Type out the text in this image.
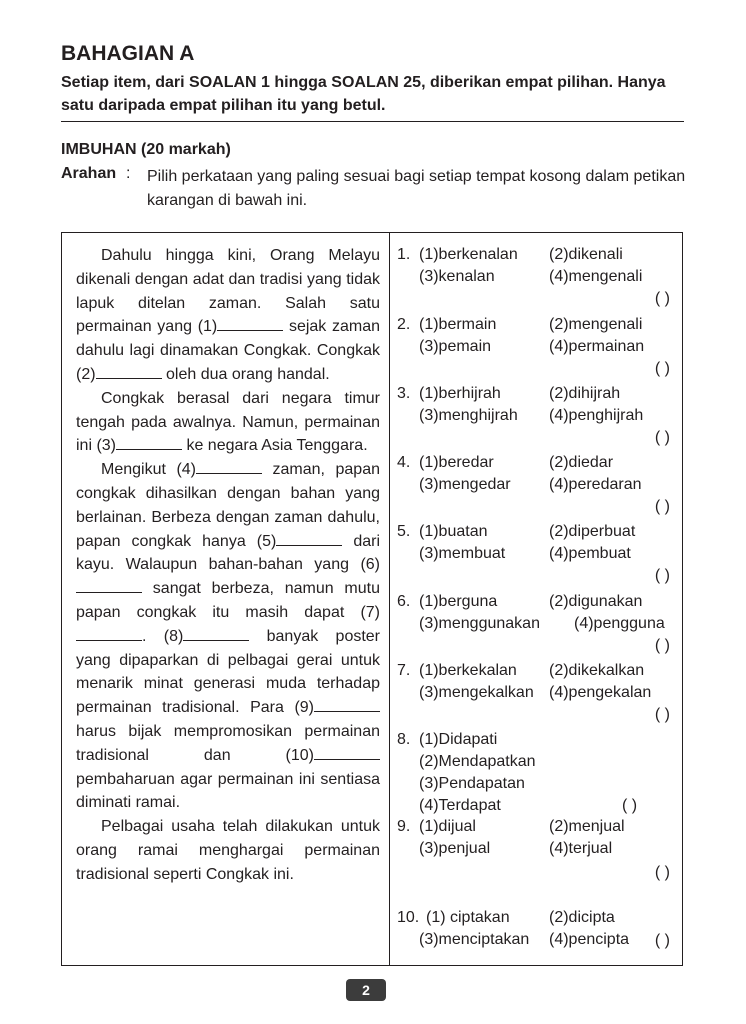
BAHAGIAN A
Setiap item, dari SOALAN 1 hingga SOALAN 25, diberikan empat pilihan. Hanya satu daripada empat pilihan itu yang betul.
IMBUHAN (20 markah)
Arahan : Pilih perkataan yang paling sesuai bagi setiap tempat kosong dalam petikan karangan di bawah ini.

Dahulu hingga kini, Orang Melayu dikenali dengan adat dan tradisi yang tidak lapuk ditelan zaman. Salah satu permainan yang (1)	sejak zaman dahulu lagi dinamakan Congkak. Congkak (2)	oleh dua orang handal.

Congkak berasal dari negara timur tengah pada awalnya. Namun, permainan ini (3)	ke negara Asia Tenggara.

Mengikut (4)	zaman, papan congkak dihasilkan dengan bahan yang berlainan. Berbeza dengan zaman dahulu, papan congkak hanya (5)	dari kayu. Walaupun bahan-bahan yang (6) sangat berbeza, namun mutu papan congkak itu masih dapat (7). (8)	banyak poster yang dipaparkan di pelbagai gerai untuk menarik minat generasi muda terhadap permainan tradisional. Para (9) harus bijak mempromosikan permainan tradisional dan (10) pembaharuan agar permainan ini sentiasa diminati ramai.

Pelbagai usaha telah dilakukan untuk orang ramai menghargai permainan tradisional seperti Congkak ini.

1. (1)berkenalan (2)dikenali
(3)kenalan	(4)mengenali
( )
2. (1)bermain	(2)mengenali
(3)pemain	(4)permainan
( )
3. (1)berhijrah	(2)dihijrah
(3)menghijrah (4)penghijrah
( )
4. (1)beredar	(2)diedar
(3)mengedar (4)peredaran
( )
5. (1)buatan	(2)diperbuat
(3)membuat	(4)pembuat
( )
6. (1)berguna	(2)digunakan
(3)menggunakan (4)pengguna
( )
7. (1)berkekalan (2)dikekalkan
(3)mengekalkan (4)pengekalan
( )
8. (1)Didapati
(2)Mendapatkan
(3)Pendapatan
(4)Terdapat	( )
9. (1)dijual	(2)menjual
(3)penjual	(4)terjual
( )
10. (1) ciptakan (2)dicipta
(3)menciptakan (4)pencipta ( )
2
